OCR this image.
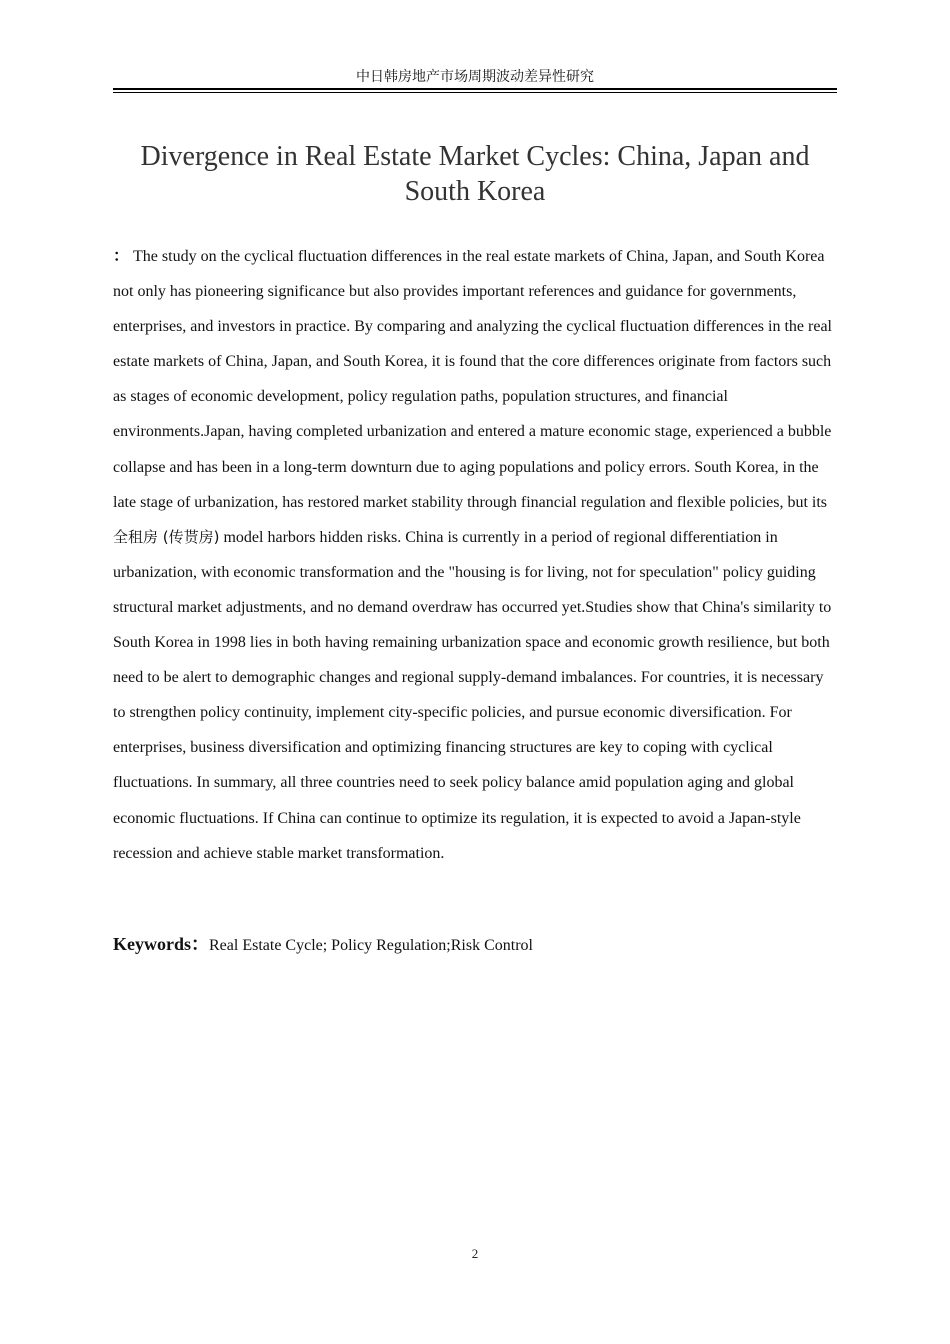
中日韩房地产市场周期波动差异性研究
Divergence in Real Estate Market Cycles: China, Japan and South Korea

： The study on the cyclical fluctuation differences in the real estate markets of China, Japan, and South Korea not only has pioneering significance but also provides important references and guidance for governments, enterprises, and investors in practice. By comparing and analyzing the cyclical fluctuation differences in the real estate markets of China, Japan, and South Korea, it is found that the core differences originate from factors such as stages of economic development, policy regulation paths, population structures, and financial environments.Japan, having completed urbanization and entered a mature economic stage, experienced a bubble collapse and has been in a long-term downturn due to aging populations and policy errors. South Korea, in the late stage of urbanization, has restored market stability through financial regulation and flexible policies, but its 全租房 (传贳房) model harbors hidden risks. China is currently in a period of regional differentiation in urbanization, with economic transformation and the "housing is for living, not for speculation" policy guiding structural market adjustments, and no demand overdraw has occurred yet.Studies show that China's similarity to South Korea in 1998 lies in both having remaining urbanization space and economic growth resilience, but both need to be alert to demographic changes and regional supply-demand imbalances. For countries, it is necessary to strengthen policy continuity, implement city-specific policies, and pursue economic diversification. For enterprises, business diversification and optimizing financing structures are key to coping with cyclical fluctuations. In summary, all three countries need to seek policy balance amid population aging and global economic fluctuations. If China can continue to optimize its regulation, it is expected to avoid a Japan-style recession and achieve stable market transformation.

Keywords：Real Estate Cycle; Policy Regulation;Risk Control

2
